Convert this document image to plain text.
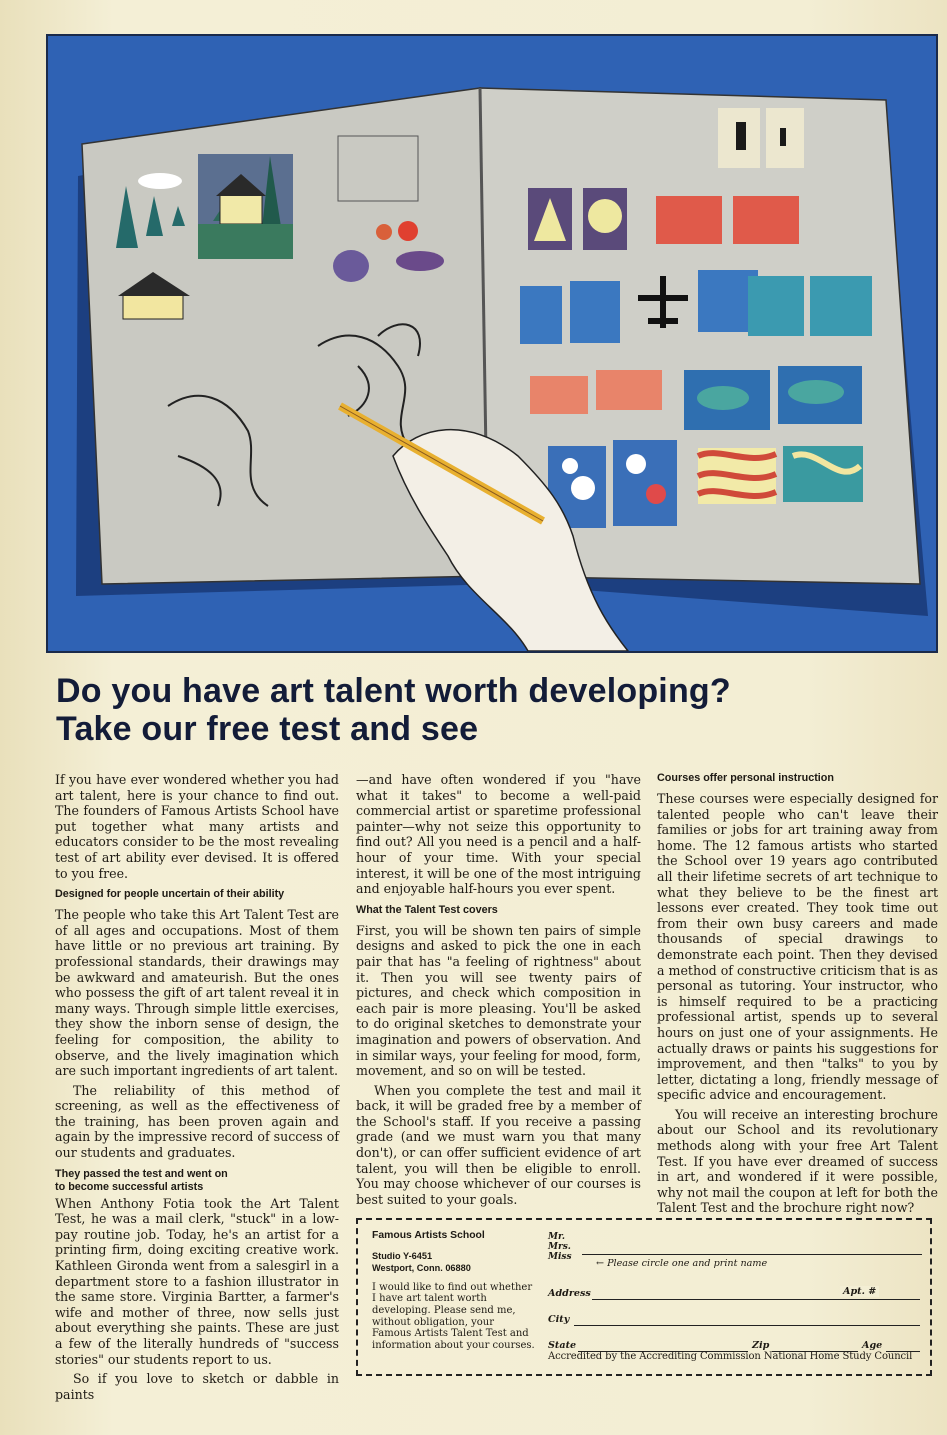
Do you have art talent worth developing?
Take our free test and see

If you have ever wondered whether you had art talent, here is your chance to find out. The founders of Famous Artists School have put together what many artists and educators consider to be the most revealing test of art ability ever devised. It is offered to you free.

Designed for people uncertain of their ability

The people who take this Art Talent Test are of all ages and occupations. Most of them have little or no previous art training. By professional standards, their drawings may be awkward and amateurish. But the ones who possess the gift of art talent reveal it in many ways. Through simple little exercises, they show the inborn sense of design, the feeling for composition, the ability to observe, and the lively imagination which are such important ingredients of art talent.

The reliability of this method of screening, as well as the effectiveness of the training, has been proven again and again by the impressive record of success of our students and graduates.

They passed the test and went on
to become successful artists

When Anthony Fotia took the Art Talent Test, he was a mail clerk, "stuck" in a low-pay routine job. Today, he's an artist for a printing firm, doing exciting creative work. Kathleen Gironda went from a salesgirl in a department store to a fashion illustrator in the same store. Virginia Bartter, a farmer's wife and mother of three, now sells just about everything she paints. These are just a few of the literally hundreds of "success stories" our students report to us.

So if you love to sketch or dabble in paints

—and have often wondered if you "have what it takes" to become a well-paid commercial artist or sparetime professional painter—why not seize this opportunity to find out? All you need is a pencil and a half-hour of your time. With your special interest, it will be one of the most intriguing and enjoyable half-hours you ever spent.

What the Talent Test covers

First, you will be shown ten pairs of simple designs and asked to pick the one in each pair that has "a feeling of rightness" about it. Then you will see twenty pairs of pictures, and check which composition in each pair is more pleasing. You'll be asked to do original sketches to demonstrate your imagination and powers of observation. And in similar ways, your feeling for mood, form, movement, and so on will be tested.

When you complete the test and mail it back, it will be graded free by a member of the School's staff. If you receive a passing grade (and we must warn you that many don't), or can offer sufficient evidence of art talent, you will then be eligible to enroll. You may choose whichever of our courses is best suited to your goals.

Courses offer personal instruction

These courses were especially designed for talented people who can't leave their families or jobs for art training away from home. The 12 famous artists who started the School over 19 years ago contributed all their lifetime secrets of art technique to what they believe to be the finest art lessons ever created. They took time out from their own busy careers and made thousands of special drawings to demonstrate each point. Then they devised a method of constructive criticism that is as personal as tutoring. Your instructor, who is himself required to be a practicing professional artist, spends up to several hours on just one of your assignments. He actually draws or paints his suggestions for improvement, and then "talks" to you by letter, dictating a long, friendly message of specific advice and encouragement.

You will receive an interesting brochure about our School and its revolutionary methods along with your free Art Talent Test. If you have ever dreamed of success in art, and wondered if it were possible, why not mail the coupon at left for both the Talent Test and the brochure right now?

Famous Artists School
Studio Y-6451
Westport, Conn. 06880
I would like to find out whether I have art talent worth developing. Please send me, without obligation, your Famous Artists Talent Test and information about your courses.
Mr.
Mrs.
Miss
← Please circle one and print name
Address	Apt. #
City
State	Zip	Age
Accredited by the Accrediting Commission National Home Study Council
